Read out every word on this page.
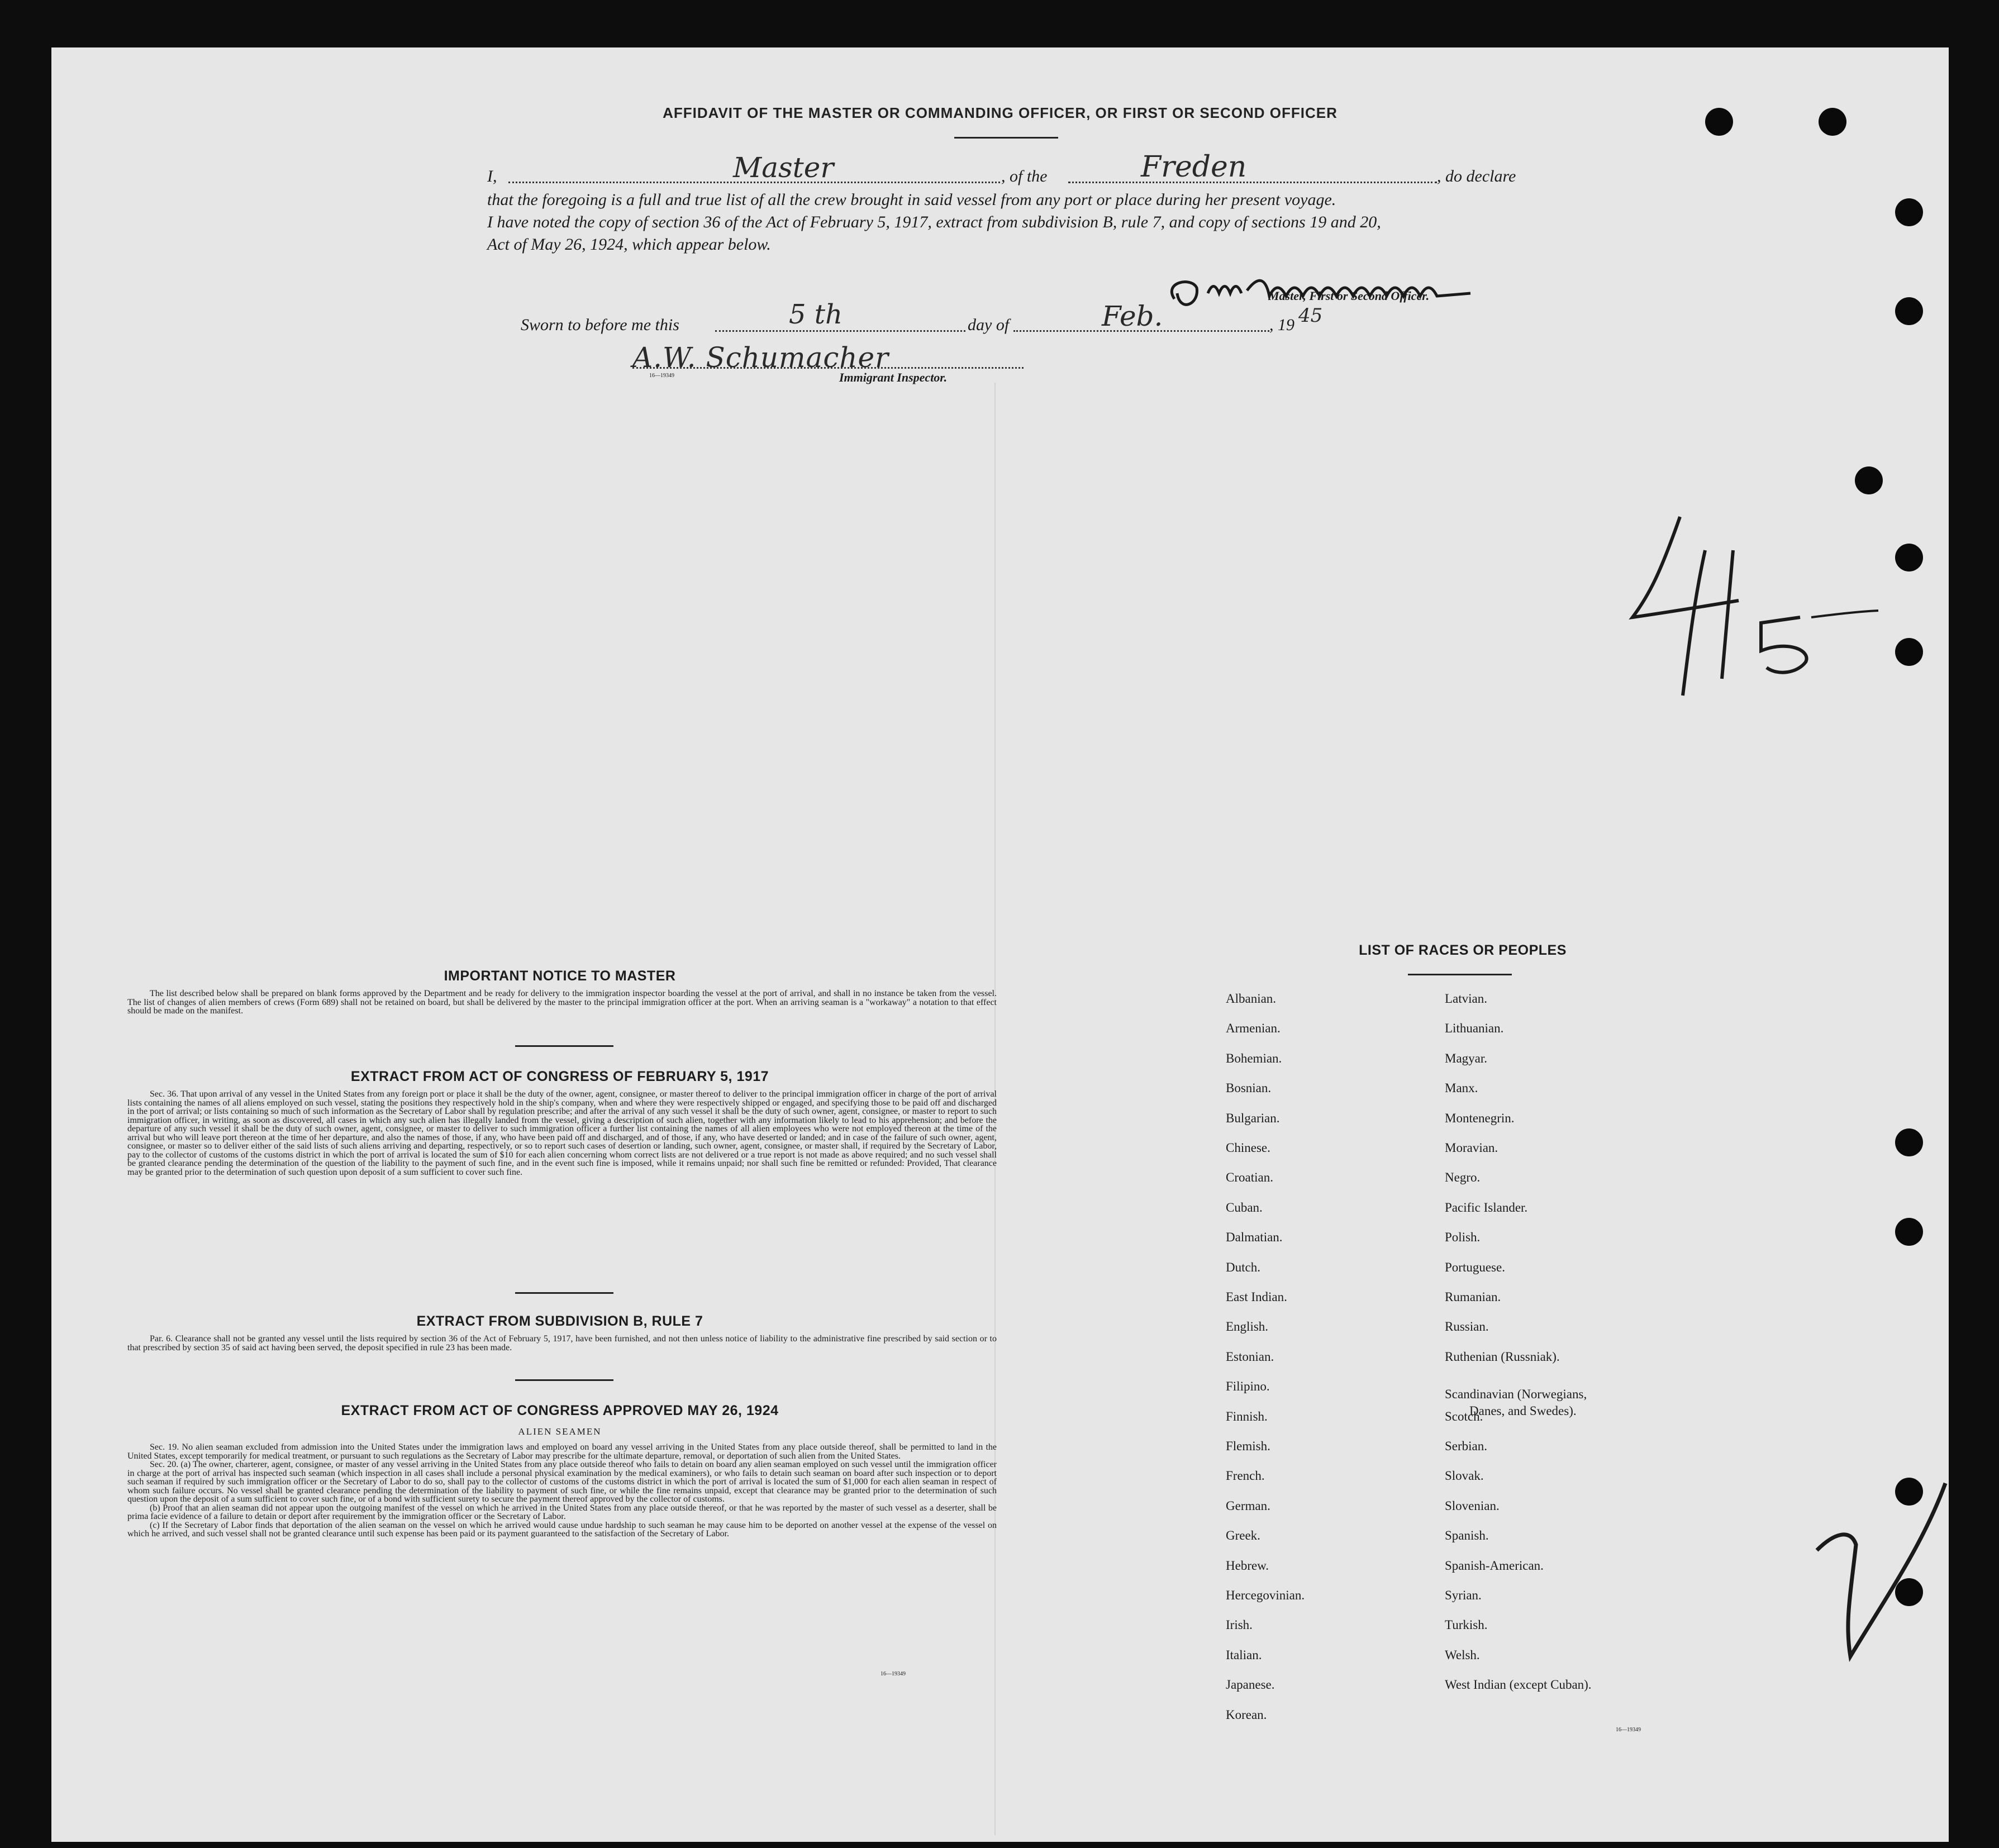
AFFIDAVIT OF THE MASTER OR COMMANDING OFFICER, OR FIRST OR SECOND OFFICER
I,	Master	, of the	Freden	, do declare
that the foregoing is a full and true list of all the crew brought in said vessel from any port or place during her present voyage.
I have noted the copy of section 36 of the Act of February 5, 1917, extract from subdivision B, rule 7, and copy of sections 19 and 20,
Act of May 26, 1924, which appear below.
Master, First or Second Officer.
Sworn to before me this	5 th	day of	Feb.	, 19 45
A.W. Schumacher
16—19349	Immigrant Inspector.
IMPORTANT NOTICE TO MASTER
The list described below shall be prepared on blank forms approved by the Department and be ready for delivery to the immigration inspector boarding the vessel at the port of arrival, and shall in no instance be taken from the vessel. The list of changes of alien members of crews (Form 689) shall not be retained on board, but shall be delivered by the master to the principal immigration officer at the port. When an arriving seaman is a "workaway" a notation to that effect should be made on the manifest.
EXTRACT FROM ACT OF CONGRESS OF FEBRUARY 5, 1917
Sec. 36. That upon arrival of any vessel in the United States from any foreign port or place it shall be the duty of the owner, agent, consignee, or master thereof to deliver to the principal immigration officer in charge of the port of arrival lists containing the names of all aliens employed on such vessel, stating the positions they respectively hold in the ship's company, when and where they were respectively shipped or engaged, and specifying those to be paid off and discharged in the port of arrival; or lists containing so much of such information as the Secretary of Labor shall by regulation prescribe; and after the arrival of any such vessel it shall be the duty of such owner, agent, consignee, or master to report to such immigration officer, in writing, as soon as discovered, all cases in which any such alien has illegally landed from the vessel, giving a description of such alien, together with any information likely to lead to his apprehension; and before the departure of any such vessel it shall be the duty of such owner, agent, consignee, or master to deliver to such immigration officer a further list containing the names of all alien employees who were not employed thereon at the time of the arrival but who will leave port thereon at the time of her departure, and also the names of those, if any, who have been paid off and discharged, and of those, if any, who have deserted or landed; and in case of the failure of such owner, agent, consignee, or master so to deliver either of the said lists of such aliens arriving and departing, respectively, or so to report such cases of desertion or landing, such owner, agent, consignee, or master shall, if required by the Secretary of Labor, pay to the collector of customs of the customs district in which the port of arrival is located the sum of $10 for each alien concerning whom correct lists are not delivered or a true report is not made as above required; and no such vessel shall be granted clearance pending the determination of the question of the liability to the payment of such fine, and in the event such fine is imposed, while it remains unpaid; nor shall such fine be remitted or refunded: Provided, That clearance may be granted prior to the determination of such question upon deposit of a sum sufficient to cover such fine.
EXTRACT FROM SUBDIVISION B, RULE 7
Par. 6. Clearance shall not be granted any vessel until the lists required by section 36 of the Act of February 5, 1917, have been furnished, and not then unless notice of liability to the administrative fine prescribed by said section or to that prescribed by section 35 of said act having been served, the deposit specified in rule 23 has been made.
EXTRACT FROM ACT OF CONGRESS APPROVED MAY 26, 1924
ALIEN SEAMEN
Sec. 19. No alien seaman excluded from admission into the United States under the immigration laws and employed on board any vessel arriving in the United States from any place outside thereof, shall be permitted to land in the United States, except temporarily for medical treatment, or pursuant to such regulations as the Secretary of Labor may prescribe for the ultimate departure, removal, or deportation of such alien from the United States.
Sec. 20. (a) The owner, charterer, agent, consignee, or master of any vessel arriving in the United States from any place outside thereof who fails to detain on board any alien seaman employed on such vessel until the immigration officer in charge at the port of arrival has inspected such seaman (which inspection in all cases shall include a personal physical examination by the medical examiners), or who fails to detain such seaman on board after such inspection or to deport such seaman if required by such immigration officer or the Secretary of Labor to do so, shall pay to the collector of customs of the customs district in which the port of arrival is located the sum of $1,000 for each alien seaman in respect of whom such failure occurs. No vessel shall be granted clearance pending the determination of the liability to payment of such fine, or while the fine remains unpaid, except that clearance may be granted prior to the determination of such question upon the deposit of a sum sufficient to cover such fine, or of a bond with sufficient surety to secure the payment thereof approved by the collector of customs.
(b) Proof that an alien seaman did not appear upon the outgoing manifest of the vessel on which he arrived in the United States from any place outside thereof, or that he was reported by the master of such vessel as a deserter, shall be prima facie evidence of a failure to detain or deport after requirement by the immigration officer or the Secretary of Labor.
(c) If the Secretary of Labor finds that deportation of the alien seaman on the vessel on which he arrived would cause undue hardship to such seaman he may cause him to be deported on another vessel at the expense of the vessel on which he arrived, and such vessel shall not be granted clearance until such expense has been paid or its payment guaranteed to the satisfaction of the Secretary of Labor.
16—19349
LIST OF RACES OR PEOPLES
Albanian.
Armenian.
Bohemian.
Bosnian.
Bulgarian.
Chinese.
Croatian.
Cuban.
Dalmatian.
Dutch.
East Indian.
English.
Estonian.
Filipino.
Finnish.
Flemish.
French.
German.
Greek.
Hebrew.
Hercegovinian.
Irish.
Italian.
Japanese.
Korean.
Latvian.
Lithuanian.
Magyar.
Manx.
Montenegrin.
Moravian.
Negro.
Pacific Islander.
Polish.
Portuguese.
Rumanian.
Russian.
Ruthenian (Russniak).
Scandinavian (Norwegians,
Danes, and Swedes).
Scotch.
Serbian.
Slovak.
Slovenian.
Spanish.
Spanish-American.
Syrian.
Turkish.
Welsh.
West Indian (except Cuban).
16—19349
